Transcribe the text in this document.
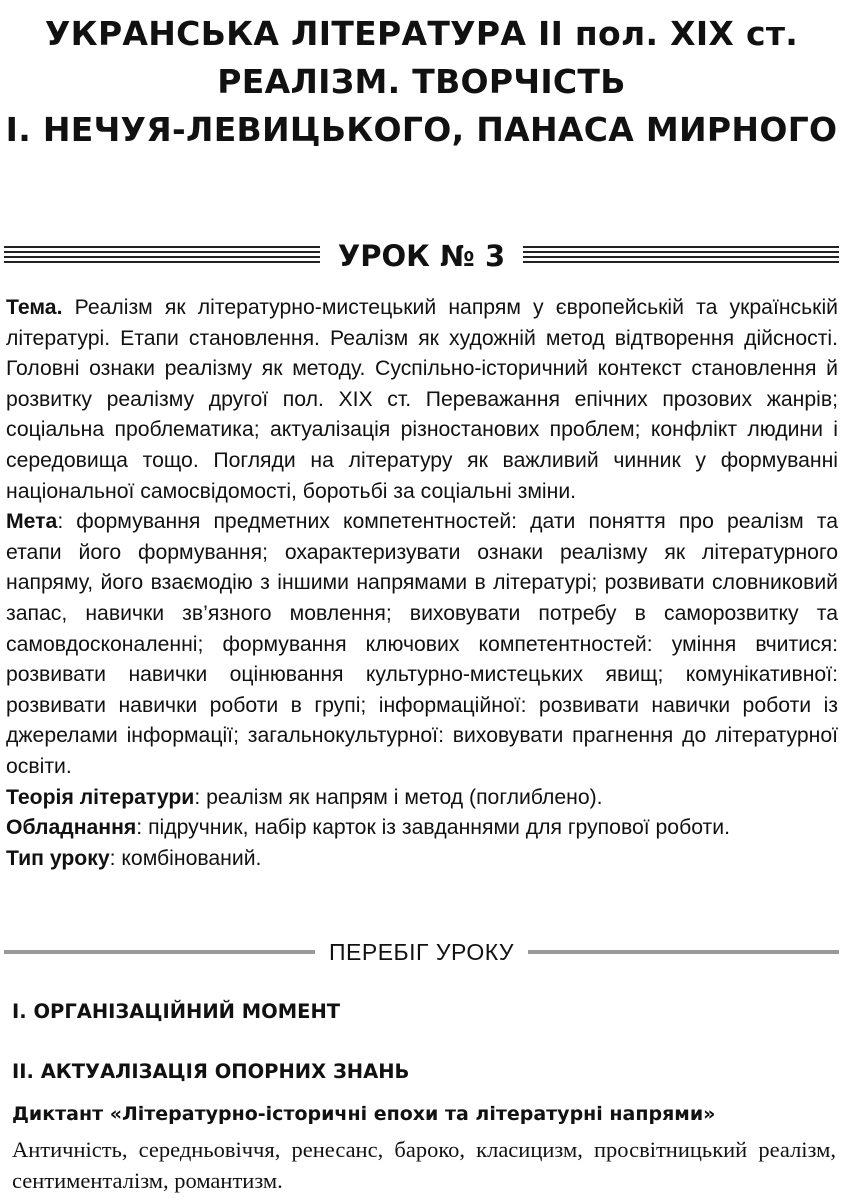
УКРАНСЬКА ЛІТЕРАТУРА ІІ пол. ХІХ ст.
РЕАЛІЗМ. ТВОРЧІСТЬ
І. НЕЧУЯ-ЛЕВИЦЬКОГО, ПАНАСА МИРНОГО
УРОК № 3

Тема. Реалізм як літературно-мистецький напрям у європейській та українській літературі. Етапи становлення. Реалізм як художній метод відтворення дійсності. Головні ознаки реалізму як методу. Суспільно-історичний контекст становлення й розвитку реалізму другої пол. ХІХ ст. Переважання епічних прозових жанрів; соціальна проблематика; актуалізація різностанових проблем; конфлікт людини і середовища тощо. Погляди на літературу як важливий чинник у формуванні національної самосвідомості, боротьбі за соціальні зміни.

Мета: формування предметних компетентностей: дати поняття про реалізм та етапи його формування; охарактеризувати ознаки реалізму як літературного напряму, його взаємодію з іншими напрямами в літературі; розвивати словниковий запас, навички зв’язного мовлення; виховувати потребу в саморозвитку та самовдосконаленні; формування ключових компетентностей: уміння вчитися: розвивати навички оцінювання культурно-мистецьких явищ; комунікативної: розвивати навички роботи в групі; інформаційної: розвивати навички роботи із джерелами інформації; загальнокультурної: виховувати прагнення до літературної освіти.

Теорія літератури: реалізм як напрям і метод (поглиблено).

Обладнання: підручник, набір карток із завданнями для групової роботи.

Тип уроку: комбінований.

ПЕРЕБІГ УРОКУ
І. ОРГАНІЗАЦІЙНИЙ МОМЕНТ
ІІ. АКТУАЛІЗАЦІЯ ОПОРНИХ ЗНАНЬ
Диктант «Літературно-історичні епохи та літературні напрями»
Античність, середньовіччя, ренесанс, бароко, класицизм, просвітницький реалізм, сентименталізм, романтизм.
